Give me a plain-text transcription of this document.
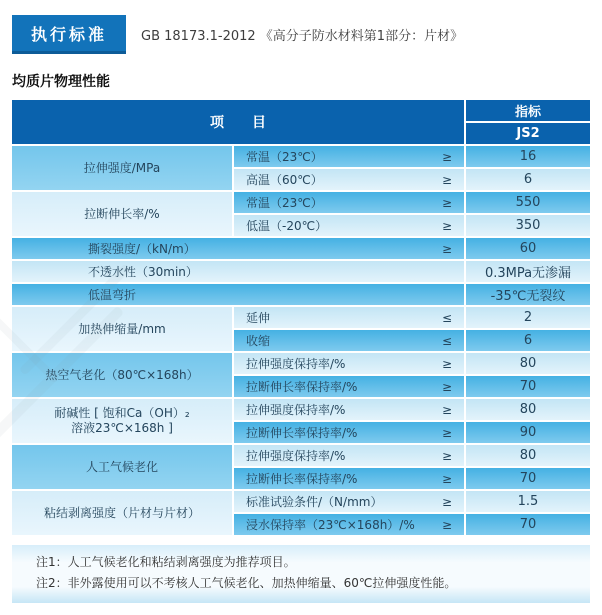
执行标准	GB 18173.1-2012 《高分子防水材料第1部分：片材》
均质片物理性能
项　　目
指标
JS2
拉伸强度/MPa
常温（23℃）	≥	16
高温（60℃）	≥	6
拉断伸长率/%
常温（23℃）	≥	550
低温（-20℃）	≥	350
撕裂强度/（kN/m）	≥	60
不透水性（30min）	0.3MPa无渗漏
低温弯折	-35℃无裂纹
加热伸缩量/mm
延伸	≤	2
收缩	≤	6
热空气老化（80℃×168h）
拉伸强度保持率/%	≥	80
拉断伸长率保持率/%	≥	70
耐碱性 [ 饱和Ca（OH）₂
溶液23℃×168h ]
拉伸强度保持率/%	≥	80
拉断伸长率保持率/%	≥	90
人工气候老化
拉伸强度保持率/%	≥	80
拉断伸长率保持率/%	≥	70
粘结剥离强度（片材与片材）
标准试验条件/（N/mm）	≥	1.5
浸水保持率（23℃×168h）/% ≥	70
注1：人工气候老化和粘结剥离强度为推荐项目。
注2：非外露使用可以不考核人工气候老化、加热伸缩量、60℃拉伸强度性能。
